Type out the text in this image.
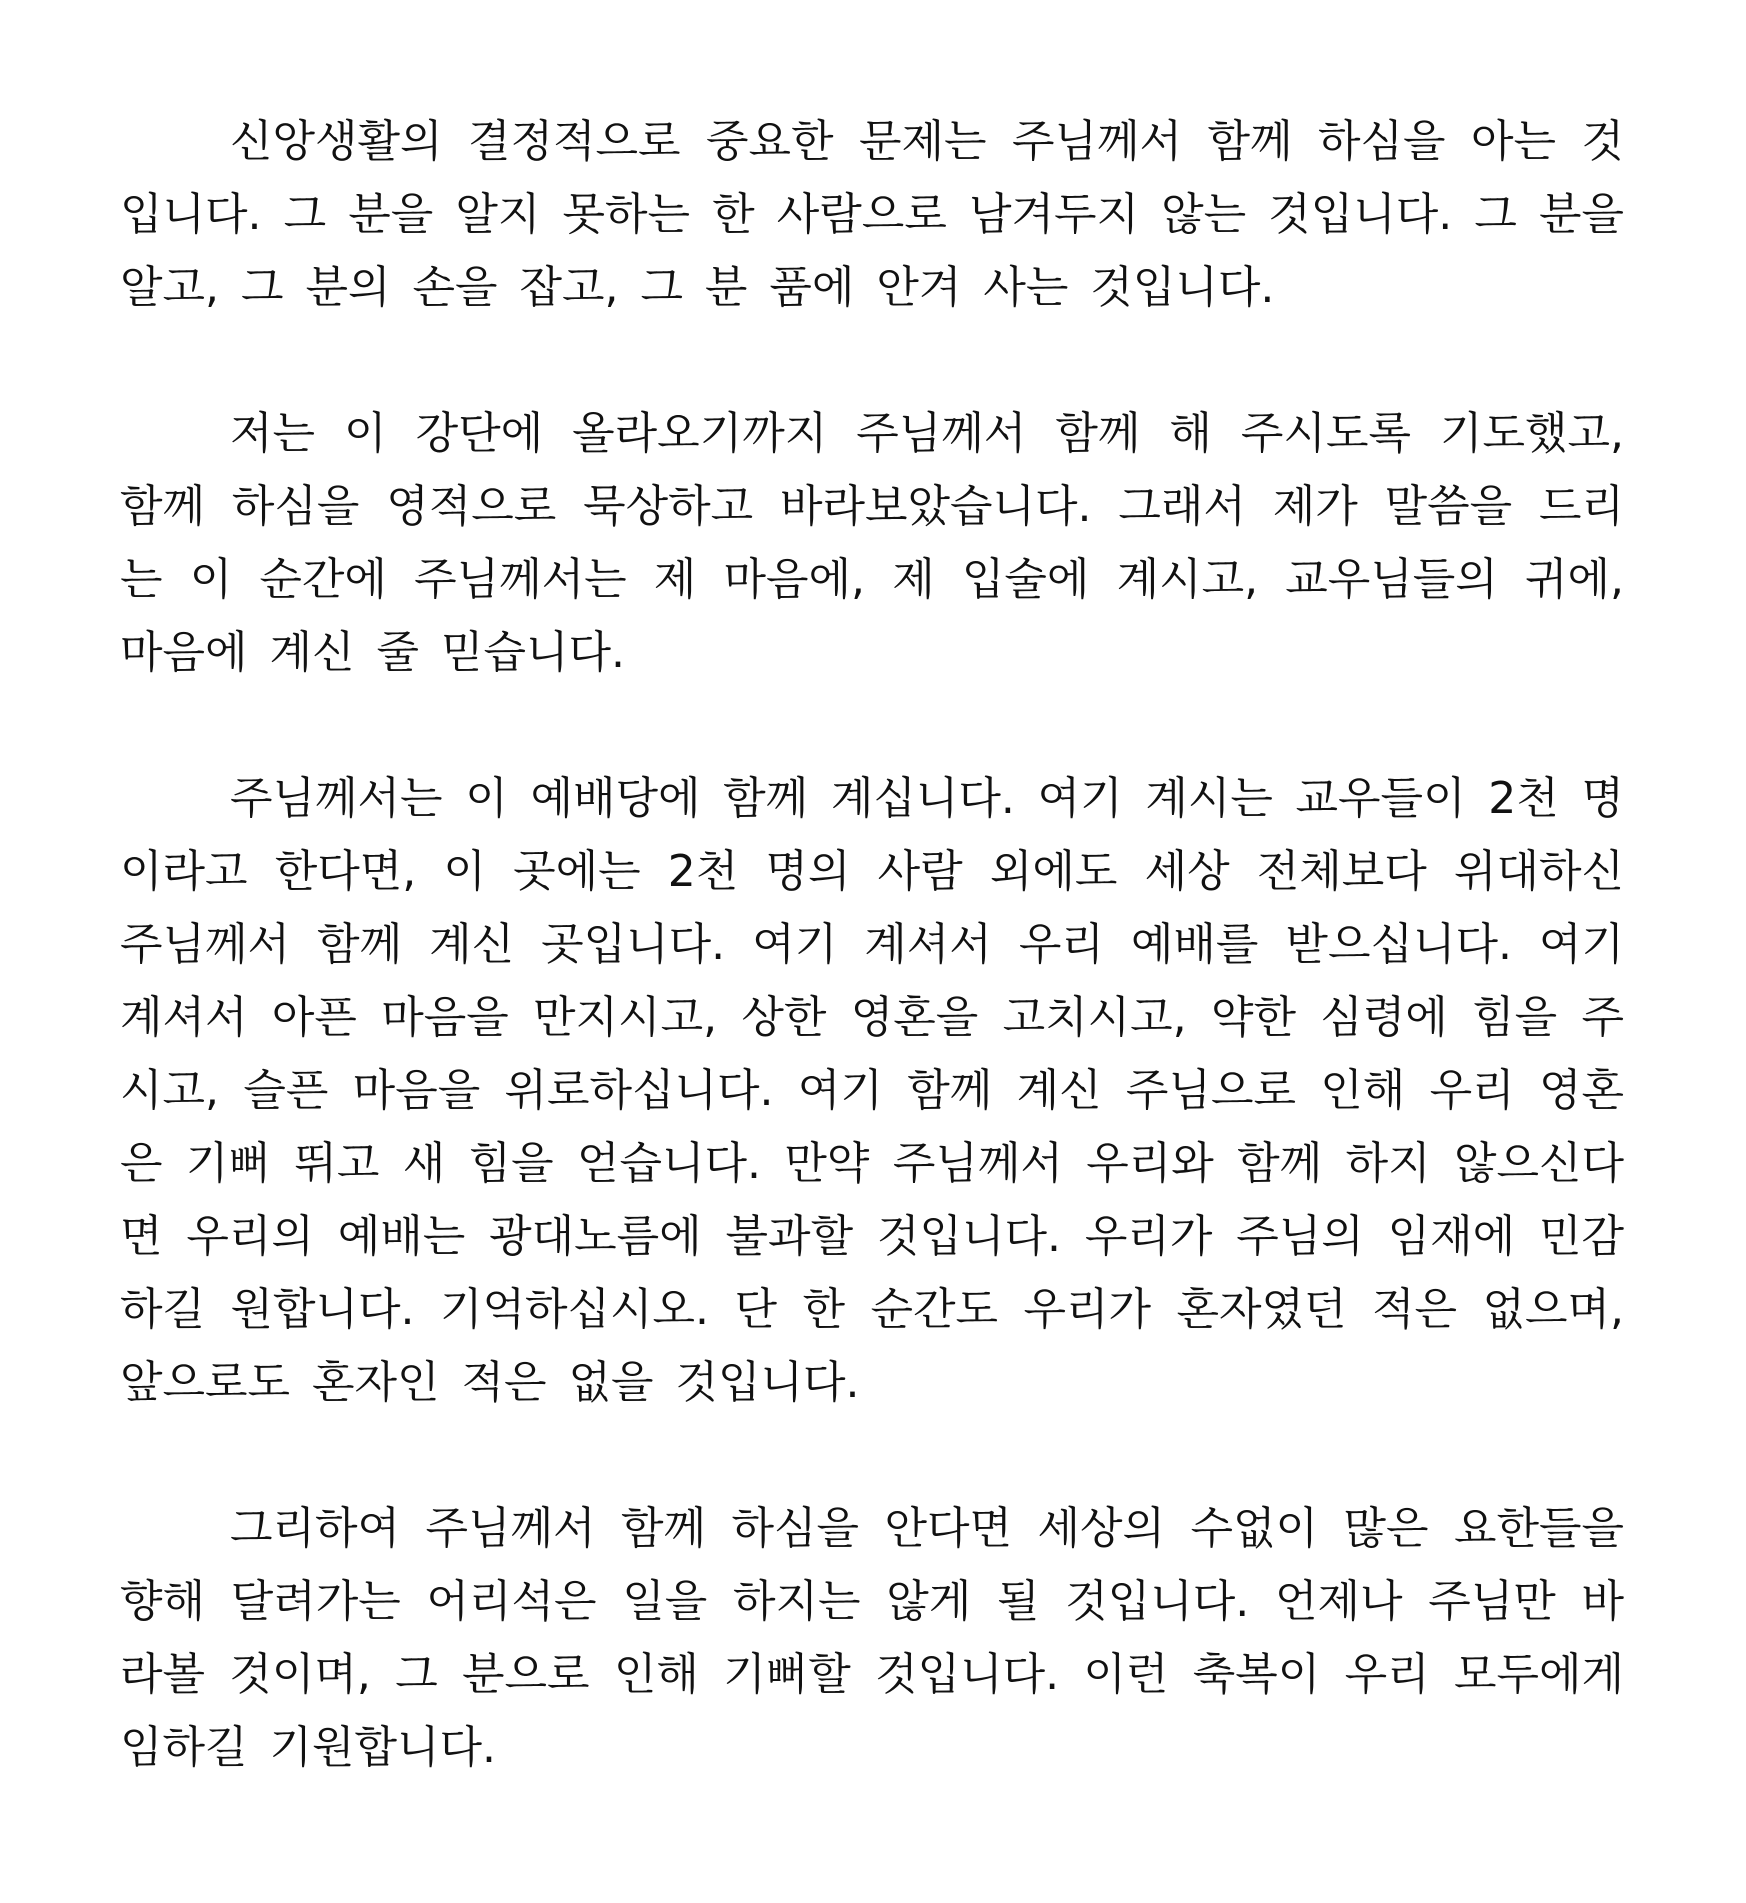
신앙생활의 결정적으로 중요한 문제는 주님께서 함께 하심을 아는 것입니다. 그 분을 알지 못하는 한 사람으로 남겨두지 않는 것입니다. 그 분을 알고, 그 분의 손을 잡고, 그 분 품에 안겨 사는 것입니다.

저는 이 강단에 올라오기까지 주님께서 함께 해 주시도록 기도했고, 함께 하심을 영적으로 묵상하고 바라보았습니다. 그래서 제가 말씀을 드리는 이 순간에 주님께서는 제 마음에, 제 입술에 계시고, 교우님들의 귀에, 마음에 계신 줄 믿습니다.

주님께서는 이 예배당에 함께 계십니다. 여기 계시는 교우들이 2천 명이라고 한다면, 이 곳에는 2천 명의 사람 외에도 세상 전체보다 위대하신 주님께서 함께 계신 곳입니다. 여기 계셔서 우리 예배를 받으십니다. 여기 계셔서 아픈 마음을 만지시고, 상한 영혼을 고치시고, 약한 심령에 힘을 주시고, 슬픈 마음을 위로하십니다. 여기 함께 계신 주님으로 인해 우리 영혼은 기뻐 뛰고 새 힘을 얻습니다. 만약 주님께서 우리와 함께 하지 않으신다면 우리의 예배는 광대노름에 불과할 것입니다. 우리가 주님의 임재에 민감하길 원합니다. 기억하십시오. 단 한 순간도 우리가 혼자였던 적은 없으며, 앞으로도 혼자인 적은 없을 것입니다.

그리하여 주님께서 함께 하심을 안다면 세상의 수없이 많은 요한들을 향해 달려가는 어리석은 일을 하지는 않게 될 것입니다. 언제나 주님만 바라볼 것이며, 그 분으로 인해 기뻐할 것입니다. 이런 축복이 우리 모두에게 임하길 기원합니다.
